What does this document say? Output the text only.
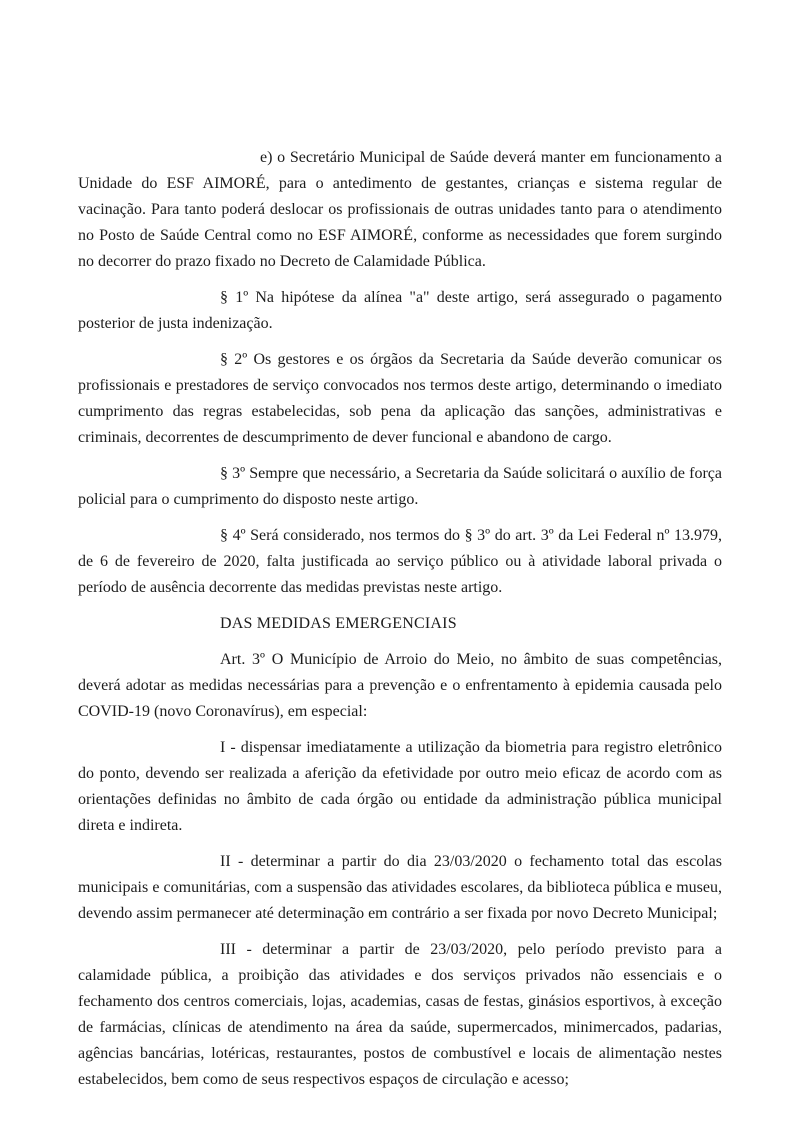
e) o Secretário Municipal de Saúde deverá manter em funcionamento a Unidade do ESF AIMORÉ, para o antedimento de gestantes, crianças e sistema regular de vacinação. Para tanto poderá deslocar os profissionais de outras unidades tanto para o atendimento no Posto de Saúde Central como no ESF AIMORÉ, conforme as necessidades que forem surgindo no decorrer do prazo fixado no Decreto de Calamidade Pública.

§ 1º Na hipótese da alínea "a" deste artigo, será assegurado o pagamento posterior de justa indenização.

§ 2º Os gestores e os órgãos da Secretaria da Saúde deverão comunicar os profissionais e prestadores de serviço convocados nos termos deste artigo, determinando o imediato cumprimento das regras estabelecidas, sob pena da aplicação das sanções, administrativas e criminais, decorrentes de descumprimento de dever funcional e abandono de cargo.

§ 3º Sempre que necessário, a Secretaria da Saúde solicitará o auxílio de força policial para o cumprimento do disposto neste artigo.

§ 4º Será considerado, nos termos do § 3º do art. 3º da Lei Federal nº 13.979, de 6 de fevereiro de 2020, falta justificada ao serviço público ou à atividade laboral privada o período de ausência decorrente das medidas previstas neste artigo.

DAS MEDIDAS EMERGENCIAIS

Art. 3º O Município de Arroio do Meio, no âmbito de suas competências, deverá adotar as medidas necessárias para a prevenção e o enfrentamento à epidemia causada pelo COVID-19 (novo Coronavírus), em especial:

I - dispensar imediatamente a utilização da biometria para registro eletrônico do ponto, devendo ser realizada a aferição da efetividade por outro meio eficaz de acordo com as orientações definidas no âmbito de cada órgão ou entidade da administração pública municipal direta e indireta.

II - determinar a partir do dia 23/03/2020 o fechamento total das escolas municipais e comunitárias, com a suspensão das atividades escolares, da biblioteca pública e museu, devendo assim permanecer até determinação em contrário a ser fixada por novo Decreto Municipal;

III - determinar a partir de 23/03/2020, pelo período previsto para a calamidade pública, a proibição das atividades e dos serviços privados não essenciais e o fechamento dos centros comerciais, lojas, academias, casas de festas, ginásios esportivos, à exceção de farmácias, clínicas de atendimento na área da saúde, supermercados, minimercados, padarias, agências bancárias, lotéricas, restaurantes, postos de combustível e locais de alimentação nestes estabelecidos, bem como de seus respectivos espaços de circulação e acesso;
